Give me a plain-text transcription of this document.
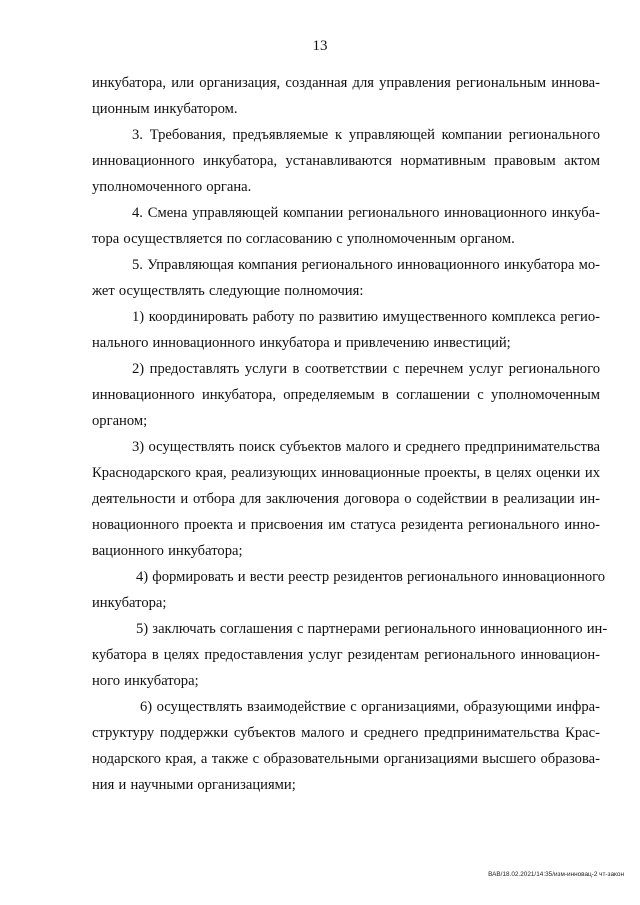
13
инкубатора, или организация, созданная для управления региональным иннова-
ционным инкубатором.
3. Требования, предъявляемые к управляющей компании регионального
инновационного инкубатора, устанавливаются нормативным правовым актом
уполномоченного органа.
4. Смена управляющей компании регионального инновационного инкуба-
тора осуществляется по согласованию с уполномоченным органом.
5. Управляющая компания регионального инновационного инкубатора мо-
жет осуществлять следующие полномочия:
1) координировать работу по развитию имущественного комплекса регио-
нального инновационного инкубатора и привлечению инвестиций;
2) предоставлять услуги в соответствии с перечнем услуг регионального
инновационного инкубатора, определяемым в соглашении с уполномоченным
органом;
3) осуществлять поиск субъектов малого и среднего предпринимательства
Краснодарского края, реализующих инновационные проекты, в целях оценки их
деятельности и отбора для заключения договора о содействии в реализации ин-
новационного проекта и присвоения им статуса резидента регионального инно-
вационного инкубатора;
4) формировать и вести реестр резидентов регионального инновационного
инкубатора;
5) заключать соглашения с партнерами регионального инновационного ин-
кубатора в целях предоставления услуг резидентам регионального инновацион-
ного инкубатора;
6) осуществлять взаимодействие с организациями, образующими инфра-
структуру поддержки субъектов малого и среднего предпринимательства Крас-
нодарского края, а также с образовательными организациями высшего образова-
ния и научными организациями;
ВАВ/18.02.2021/14:35/изм-инновац-2 чт-закон
